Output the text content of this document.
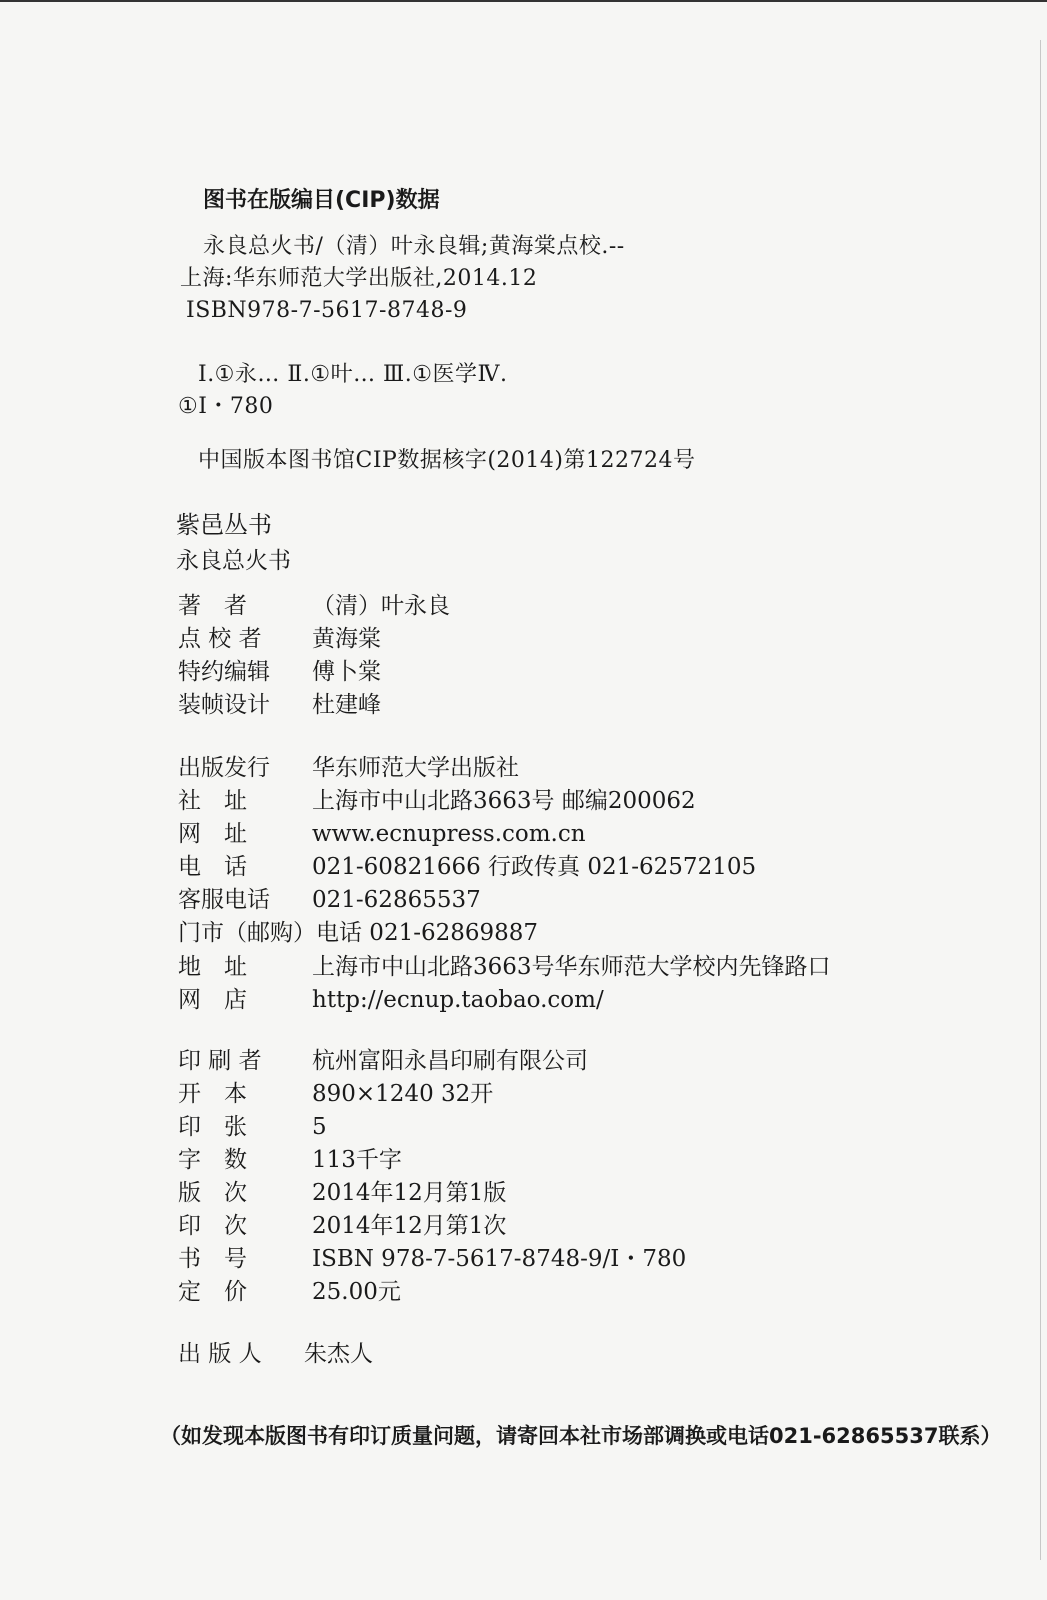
图书在版编目(CIP)数据
永良总火书/（清）叶永良辑;黄海棠点校.--
上海:华东师范大学出版社,2014.12
ISBN978-7-5617-8748-9
Ⅰ.①永… Ⅱ.①叶… Ⅲ.①医学Ⅳ.
①I・780
中国版本图书馆CIP数据核字(2014)第122724号
紫邑丛书
永良总火书
著　者	（清）叶永良
点 校 者	黄海棠
特约编辑	傅卜棠
装帧设计	杜建峰
出版发行	华东师范大学出版社
社　址	上海市中山北路3663号 邮编200062
网　址	www.ecnupress.com.cn
电　话	021-60821666 行政传真 021-62572105
客服电话	021-62865537
门市（邮购）电话 021-62869887
地　址	上海市中山北路3663号华东师范大学校内先锋路口
网　店	http://ecnup.taobao.com/
印 刷 者	杭州富阳永昌印刷有限公司
开　本	890×1240 32开
印　张	5
字　数	113千字
版　次	2014年12月第1版
印　次	2014年12月第1次
书　号	ISBN 978-7-5617-8748-9/I・780
定　价	25.00元
出 版 人	朱杰人
（如发现本版图书有印订质量问题，请寄回本社市场部调换或电话021-62865537联系）
